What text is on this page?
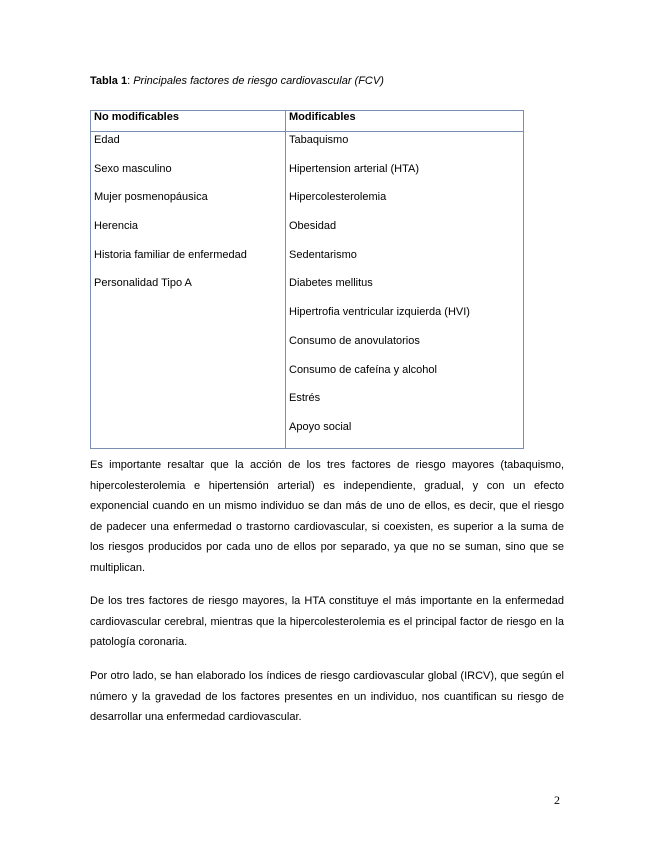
Tabla 1: Principales factores de riesgo cardiovascular (FCV)
No modificables	Modificables
Edad	Tabaquismo
Sexo masculino	Hipertension arterial (HTA)
Mujer posmenopáusica	Hipercolesterolemia
Herencia	Obesidad
Historia familiar de enfermedad	Sedentarismo
Personalidad Tipo A	Diabetes mellitus
	Hipertrofia ventricular izquierda (HVI)
	Consumo de anovulatorios
	Consumo de cafeína y alcohol
	Estrés
	Apoyo social

Es importante resaltar que la acción de los tres factores de riesgo mayores (tabaquismo, hipercolesterolemia e hipertensión arterial) es independiente, gradual, y con un efecto exponencial cuando en un mismo individuo se dan más de uno de ellos, es decir, que el riesgo de padecer una enfermedad o trastorno cardiovascular, si coexisten, es superior a la suma de los riesgos producidos por cada uno de ellos por separado, ya que no se suman, sino que se multiplican.

De los tres factores de riesgo mayores, la HTA constituye el más importante en la enfermedad cardiovascular cerebral, mientras que la hipercolesterolemia es el principal factor de riesgo en la patología coronaria.

Por otro lado, se han elaborado los índices de riesgo cardiovascular global (IRCV), que según el número y la gravedad de los factores presentes en un individuo, nos cuantifican su riesgo de desarrollar una enfermedad cardiovascular.

2
